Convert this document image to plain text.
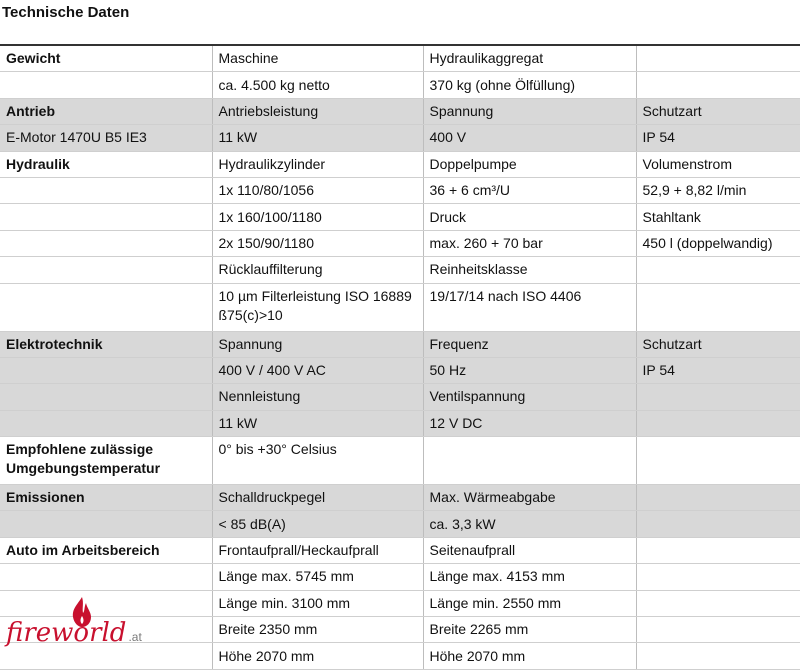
Technische Daten
Gewicht	Maschine	Hydraulikaggregat	
	ca. 4.500 kg netto	370 kg (ohne Ölfüllung)	
Antrieb	Antriebsleistung	Spannung	Schutzart
E-Motor 1470U B5 IE3	11 kW	400 V	IP 54
Hydraulik	Hydraulikzylinder	Doppelpumpe	Volumenstrom
	1x 110/80/1056	36 + 6 cm³/U	52,9 + 8,82 l/min
	1x 160/100/1180	Druck	Stahltank
	2x 150/90/1180	max. 260 + 70 bar	450 l (doppelwandig)
	Rücklauffilterung	Reinheitsklasse	
	10 µm Filterleistung ISO 16889 ß75(c)>10	19/17/14 nach ISO 4406	
Elektrotechnik	Spannung	Frequenz	Schutzart
	400 V / 400 V AC	50 Hz	IP 54
	Nennleistung	Ventilspannung	
	11 kW	12 V DC	
Empfohlene zulässige Umgebungstemperatur	0° bis +30° Celsius		
Emissionen	Schalldruckpegel	Max. Wärmeabgabe	
	< 85 dB(A)	ca. 3,3 kW	
Auto im Arbeitsbereich	Frontaufprall/Heckaufprall	Seitenaufprall	
	Länge max. 5745 mm	Länge max. 4153 mm	
	Länge min. 3100 mm	Länge min. 2550 mm	
	Breite 2350 mm	Breite 2265 mm	
	Höhe 2070 mm	Höhe 2070 mm	
fireworld .at
